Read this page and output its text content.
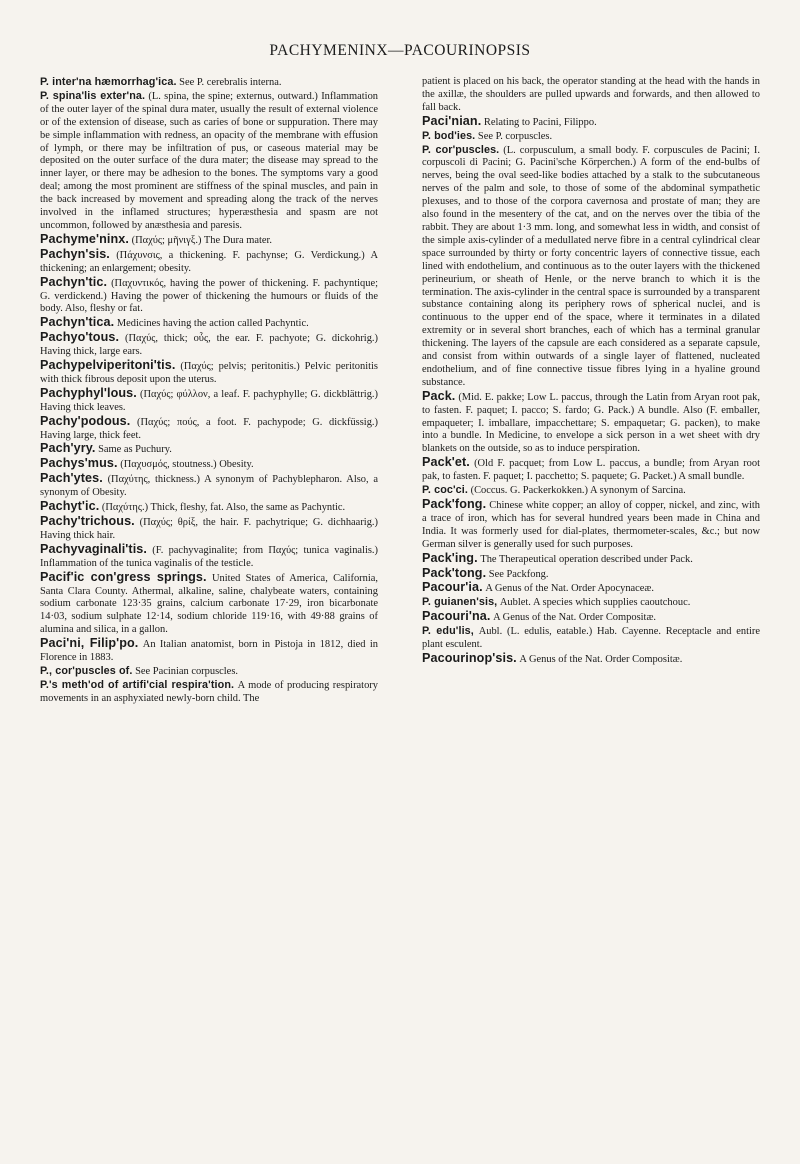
PACHYMENINX—PACOURINOPSIS

P. inter'na hæmorrhag'ica. See P. cerebralis interna.

P. spina'lis exter'na. (L. spina, the spine; externus, outward.) Inflammation of the outer layer of the spinal dura mater, usually the result of external violence or of the extension of disease, such as caries of bone or suppuration. There may be simple inflammation with redness, an opacity of the membrane with effusion of lymph, or there may be infiltration of pus, or caseous material may be deposited on the outer surface of the dura mater; the disease may spread to the inner layer, or there may be adhesion to the bones. The symptoms vary a good deal; among the most prominent are stiffness of the spinal muscles, and pain in the back increased by movement and spreading along the track of the nerves involved in the inflamed structures; hyperæsthesia and spasm are not uncommon, followed by anæsthesia and paresis.

Pachyme'ninx. (Παχύς; μῆνιγξ.) The Dura mater.

Pachyn'sis. (Πάχυνσις, a thickening. F. pachynse; G. Verdickung.) A thickening; an enlargement; obesity.

Pachyn'tic. (Παχυντικός, having the power of thickening. F. pachyntique; G. verdickend.) Having the power of thickening the humours or fluids of the body. Also, fleshy or fat.

Pachyn'tica. Medicines having the action called Pachyntic.

Pachyo'tous. (Παχύς, thick; οὖς, the ear. F. pachyote; G. dickohrig.) Having thick, large ears.

Pachypelviperitoni'tis. (Παχύς; pelvis; peritonitis.) Pelvic peritonitis with thick fibrous deposit upon the uterus.

Pachyphyl'lous. (Παχύς; φύλλον, a leaf. F. pachyphylle; G. dickblättrig.) Having thick leaves.

Pachy'podous. (Παχύς; πούς, a foot. F. pachypode; G. dickfüssig.) Having large, thick feet.

Pach'yry. Same as Puchury.

Pachys'mus. (Παχυσμός, stoutness.) Obesity.

Pach'ytes. (Παχύτης, thickness.) A synonym of Pachyblepharon. Also, a synonym of Obesity.

Pachyt'ic. (Παχύτης.) Thick, fleshy, fat. Also, the same as Pachyntic.

Pachy'trichous. (Παχύς; θρίξ, the hair. F. pachytrique; G. dichhaarig.) Having thick hair.

Pachyvaginali'tis. (F. pachyvaginalite; from Παχύς; tunica vaginalis.) Inflammation of the tunica vaginalis of the testicle.

Pacif'ic con'gress springs. United States of America, California, Santa Clara County. Athermal, alkaline, saline, chalybeate waters, containing sodium carbonate 123·35 grains, calcium carbonate 17·29, iron bicarbonate 14·03, sodium sulphate 12·14, sodium chloride 119·16, with 49·88 grains of alumina and silica, in a gallon.

Paci'ni, Filip'po. An Italian anatomist, born in Pistoja in 1812, died in Florence in 1883.

P., cor'puscles of. See Pacinian corpuscles.

P.'s meth'od of artifi'cial respira'tion. A mode of producing respiratory movements in an asphyxiated newly-born child. The

patient is placed on his back, the operator standing at the head with the hands in the axillæ, the shoulders are pulled upwards and forwards, and then allowed to fall back.

Paci'nian. Relating to Pacini, Filippo.

P. bod'ies. See P. corpuscles.

P. cor'puscles. (L. corpusculum, a small body. F. corpuscules de Pacini; I. corpuscoli di Pacini; G. Pacini'sche Körperchen.) A form of the end-bulbs of nerves, being the oval seed-like bodies attached by a stalk to the subcutaneous nerves of the palm and sole, to those of some of the abdominal sympathetic plexuses, and to those of the corpora cavernosa and prostate of man; they are also found in the mesentery of the cat, and on the nerves over the tibia of the rabbit. They are about 1·3 mm. long, and somewhat less in width, and consist of the simple axis-cylinder of a medullated nerve fibre in a central cylindrical clear space surrounded by thirty or forty concentric layers of connective tissue, each lined with endothelium, and continuous as to the outer layers with the thickened perineurium, or sheath of Henle, or the nerve branch to which it is the termination. The axis-cylinder in the central space is surrounded by a transparent substance containing along its periphery rows of spherical nuclei, and is continuous to the upper end of the space, where it terminates in a dilated extremity or in several short branches, each of which has a terminal granular thickening. The layers of the capsule are each considered as a separate capsule, and consist from within outwards of a single layer of flattened, nucleated endothelium, and of fine connective tissue fibres lying in a hyaline ground substance.

Pack. (Mid. E. pakke; Low L. paccus, through the Latin from Aryan root pak, to fasten. F. paquet; I. pacco; S. fardo; G. Pack.) A bundle. Also (F. emballer, empaqueter; I. imballare, impacchettare; S. empaquetar; G. packen), to make into a bundle. In Medicine, to envelope a sick person in a wet sheet with dry blankets on the outside, so as to induce perspiration.

Pack'et. (Old F. pacquet; from Low L. paccus, a bundle; from Aryan root pak, to fasten. F. paquet; I. pacchetto; S. paquete; G. Packet.) A small bundle.

P. coc'ci. (Coccus. G. Packerkokken.) A synonym of Sarcina.

Pack'fong. Chinese white copper; an alloy of copper, nickel, and zinc, with a trace of iron, which has for several hundred years been made in China and India. It was formerly used for dial-plates, thermometer-scales, &c.; but now German silver is generally used for such purposes.

Pack'ing. The Therapeutical operation described under Pack.

Pack'tong. See Packfong.

Pacour'ia. A Genus of the Nat. Order Apocynaceæ.

P. guianen'sis, Aublet. A species which supplies caoutchouc.

Pacouri'na. A Genus of the Nat. Order Compositæ.

P. edu'lis, Aubl. (L. edulis, eatable.) Hab. Cayenne. Receptacle and entire plant esculent.

Pacourinop'sis. A Genus of the Nat. Order Compositæ.
